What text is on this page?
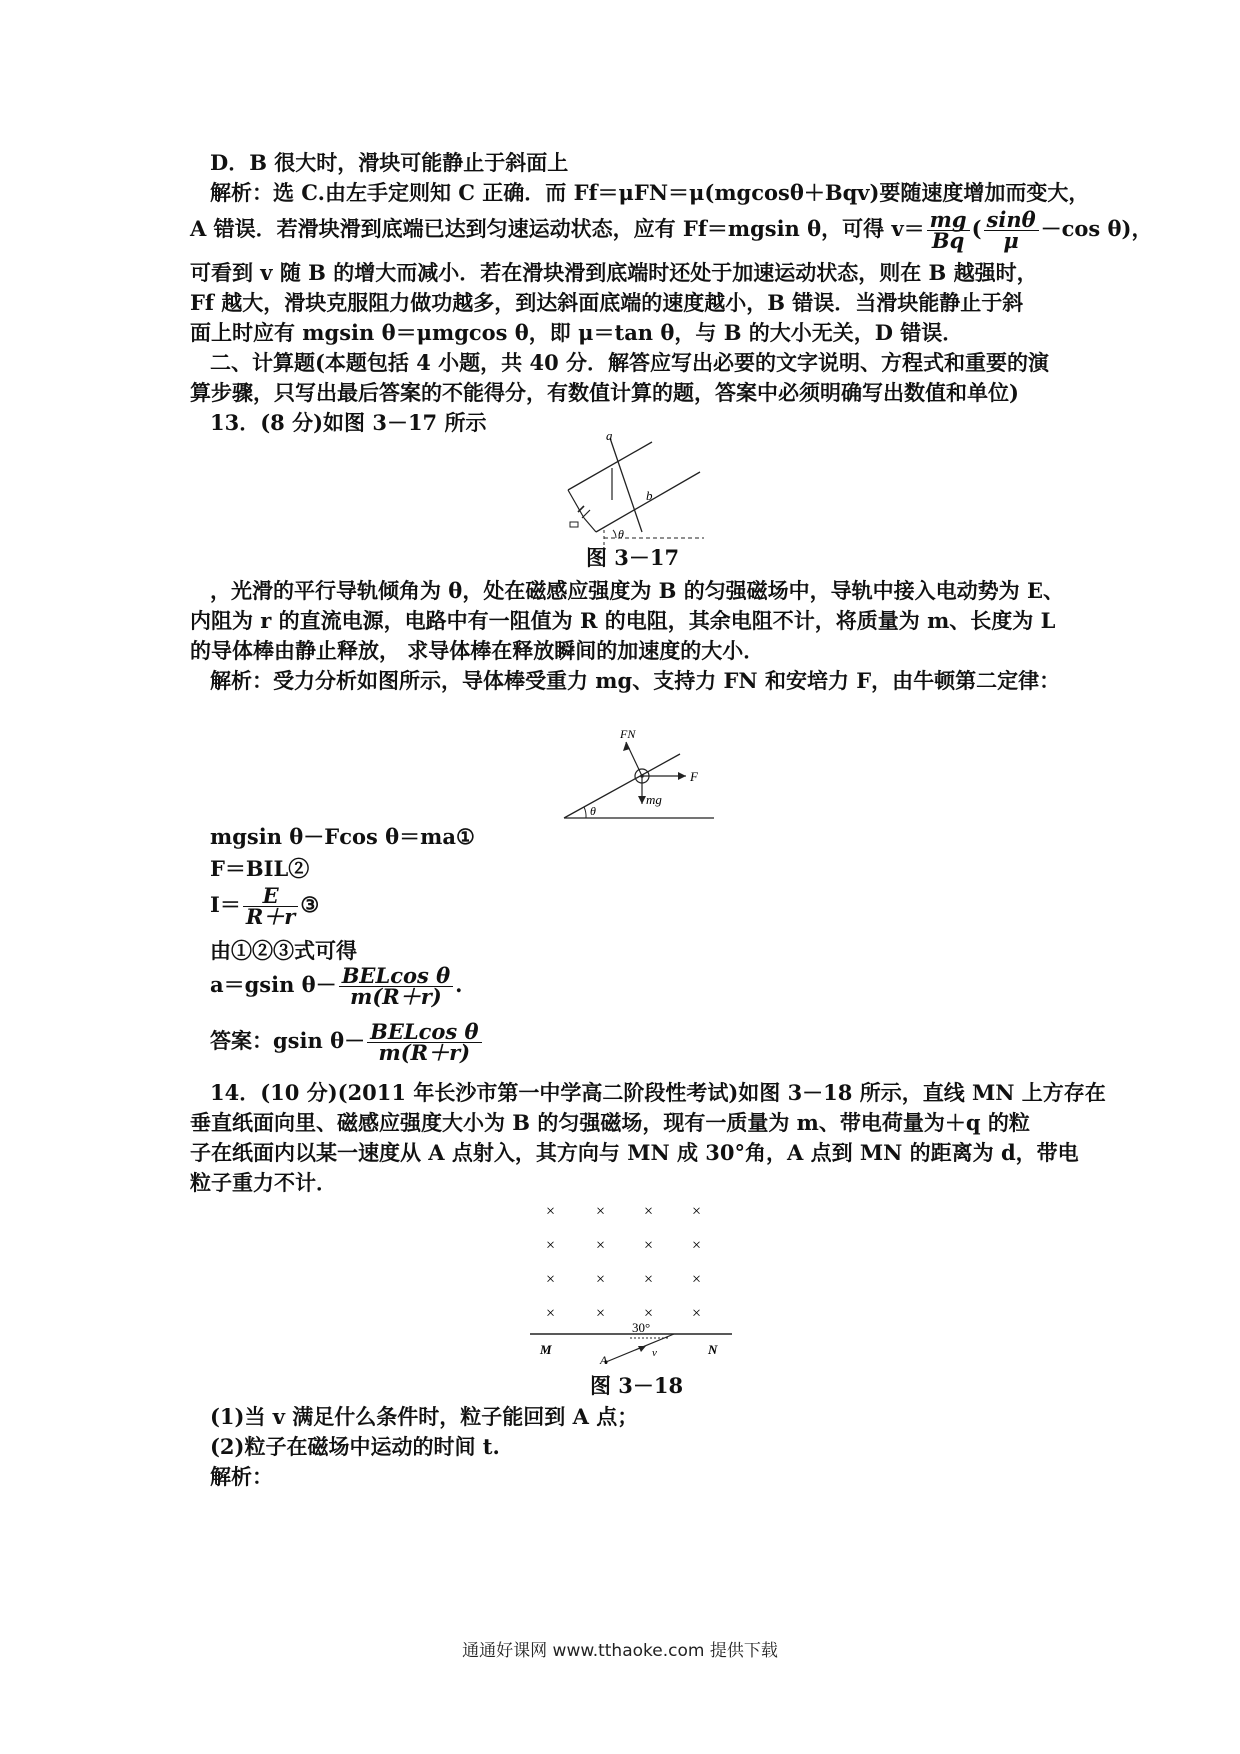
D．B 很大时，滑块可能静止于斜面上
解析：选 C.由左手定则知 C 正确．而 Ff＝μFN＝μ(mgcosθ＋Bqv)要随速度增加而变大，
A 错误．若滑块滑到底端已达到匀速运动状态，应有 Ff＝mgsin θ，可得 $v= \frac{mg}{Bq}$ ( $\frac{\sin\theta}{\mu} -\cos$ θ)，
可看到 v 随 B 的增大而减小．若在滑块滑到底端时还处于加速运动状态，则在 B 越强时，
Ff 越大，滑块克服阻力做功越多，到达斜面底端的速度越小，B 错误．当滑块能静止于斜
面上时应有 mgsin θ＝μmgcos θ，即 μ＝tan θ，与 B 的大小无关，D 错误．
二、计算题(本题包括 4 小题，共 40 分．解答应写出必要的文字说明、方程式和重要的演
算步骤，只写出最后答案的不能得分，有数值计算的题，答案中必须明确写出数值和单位)
13．(8 分)如图 3－17 所示
a
b
θ
图 3－17
，光滑的平行导轨倾角为 θ，处在磁感应强度为 B 的匀强磁场中，导轨中接入电动势为 E、
内阻为 r 的直流电源，电路中有一阻值为 R 的电阻，其余电阻不计，将质量为 m、长度为 L
的导体棒由静止释放， 求导体棒在释放瞬间的加速度的大小．
解析：受力分析如图所示，导体棒受重力 mg、支持力 FN 和安培力 F，由牛顿第二定律：
FN
F
mg
θ
mgsin θ－Fcos θ＝ma①
F＝BIL②
$I= \frac{E}{R+r}$ ③
由①②③式可得
a＝gsin $\theta- \frac{\text{BELcos θ}}{m(R+r)}$ .
答案：gsin $\theta- \frac{\text{BELcos θ}}{m(R+r)}$
14．(10 分)(2011 年长沙市第一中学高二阶段性考试)如图 3－18 所示，直线 MN 上方存在
垂直纸面向里、磁感应强度大小为 B 的匀强磁场，现有一质量为 m、带电荷量为＋q 的粒
子在纸面内以某一速度从 A 点射入，其方向与 MN 成 30°角，A 点到 MN 的距离为 d，带电
粒子重力不计．
×	× × ×
×	× × ×
×	× × ×
×	× × ×
M	N
30°
v
A
图 3－18
(1)当 v 满足什么条件时，粒子能回到 A 点；
(2)粒子在磁场中运动的时间 t.
解析：
通通好课网 www.tthaoke.com 提供下载
